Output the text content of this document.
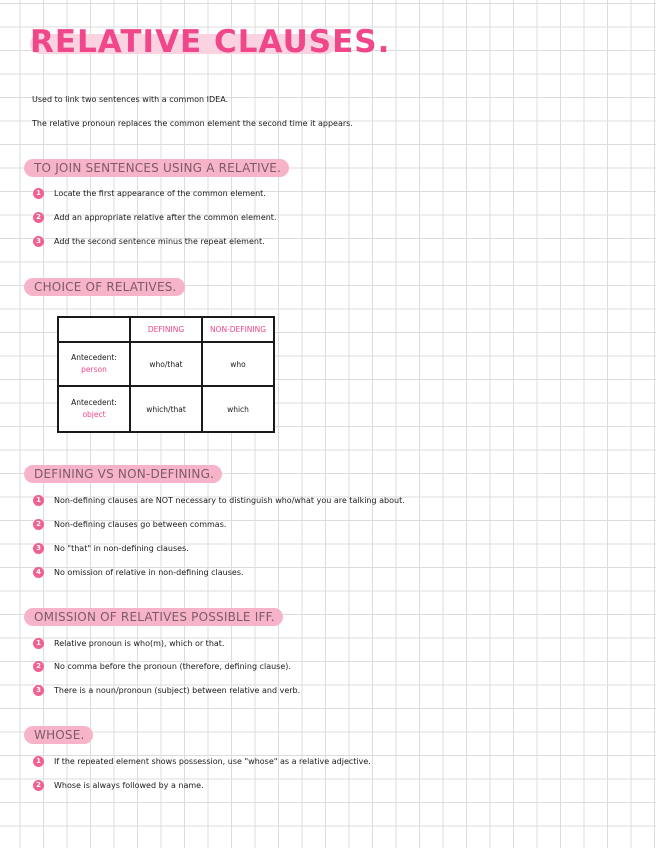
RELATIVE CLAUSES.
Used to link two sentences with a common IDEA.
The relative pronoun replaces the common element the second time it appears.
TO JOIN SENTENCES USING A RELATIVE.
1	Locate the first appearance of the common element.
2	Add an appropriate relative after the common element.
3	Add the second sentence minus the repeat element.
CHOICE OF RELATIVES.
	DEFINING	NON-DEFINING

Antecedent:
person	who/that	who

Antecedent:
object	which/that	which
DEFINING VS NON-DEFINING.
1	Non-defining clauses are NOT necessary to distinguish who/what you are talking about.
2	Non-defining clauses go between commas.
3	No "that" in non-defining clauses.
4	No omission of relative in non-defining clauses.
OMISSION OF RELATIVES POSSIBLE IFF.
1	Relative pronoun is who(m), which or that.
2	No comma before the pronoun (therefore, defining clause).
3	There is a noun/pronoun (subject) between relative and verb.
WHOSE.
1	If the repeated element shows possession, use "whose" as a relative adjective.
2	Whose is always followed by a name.
